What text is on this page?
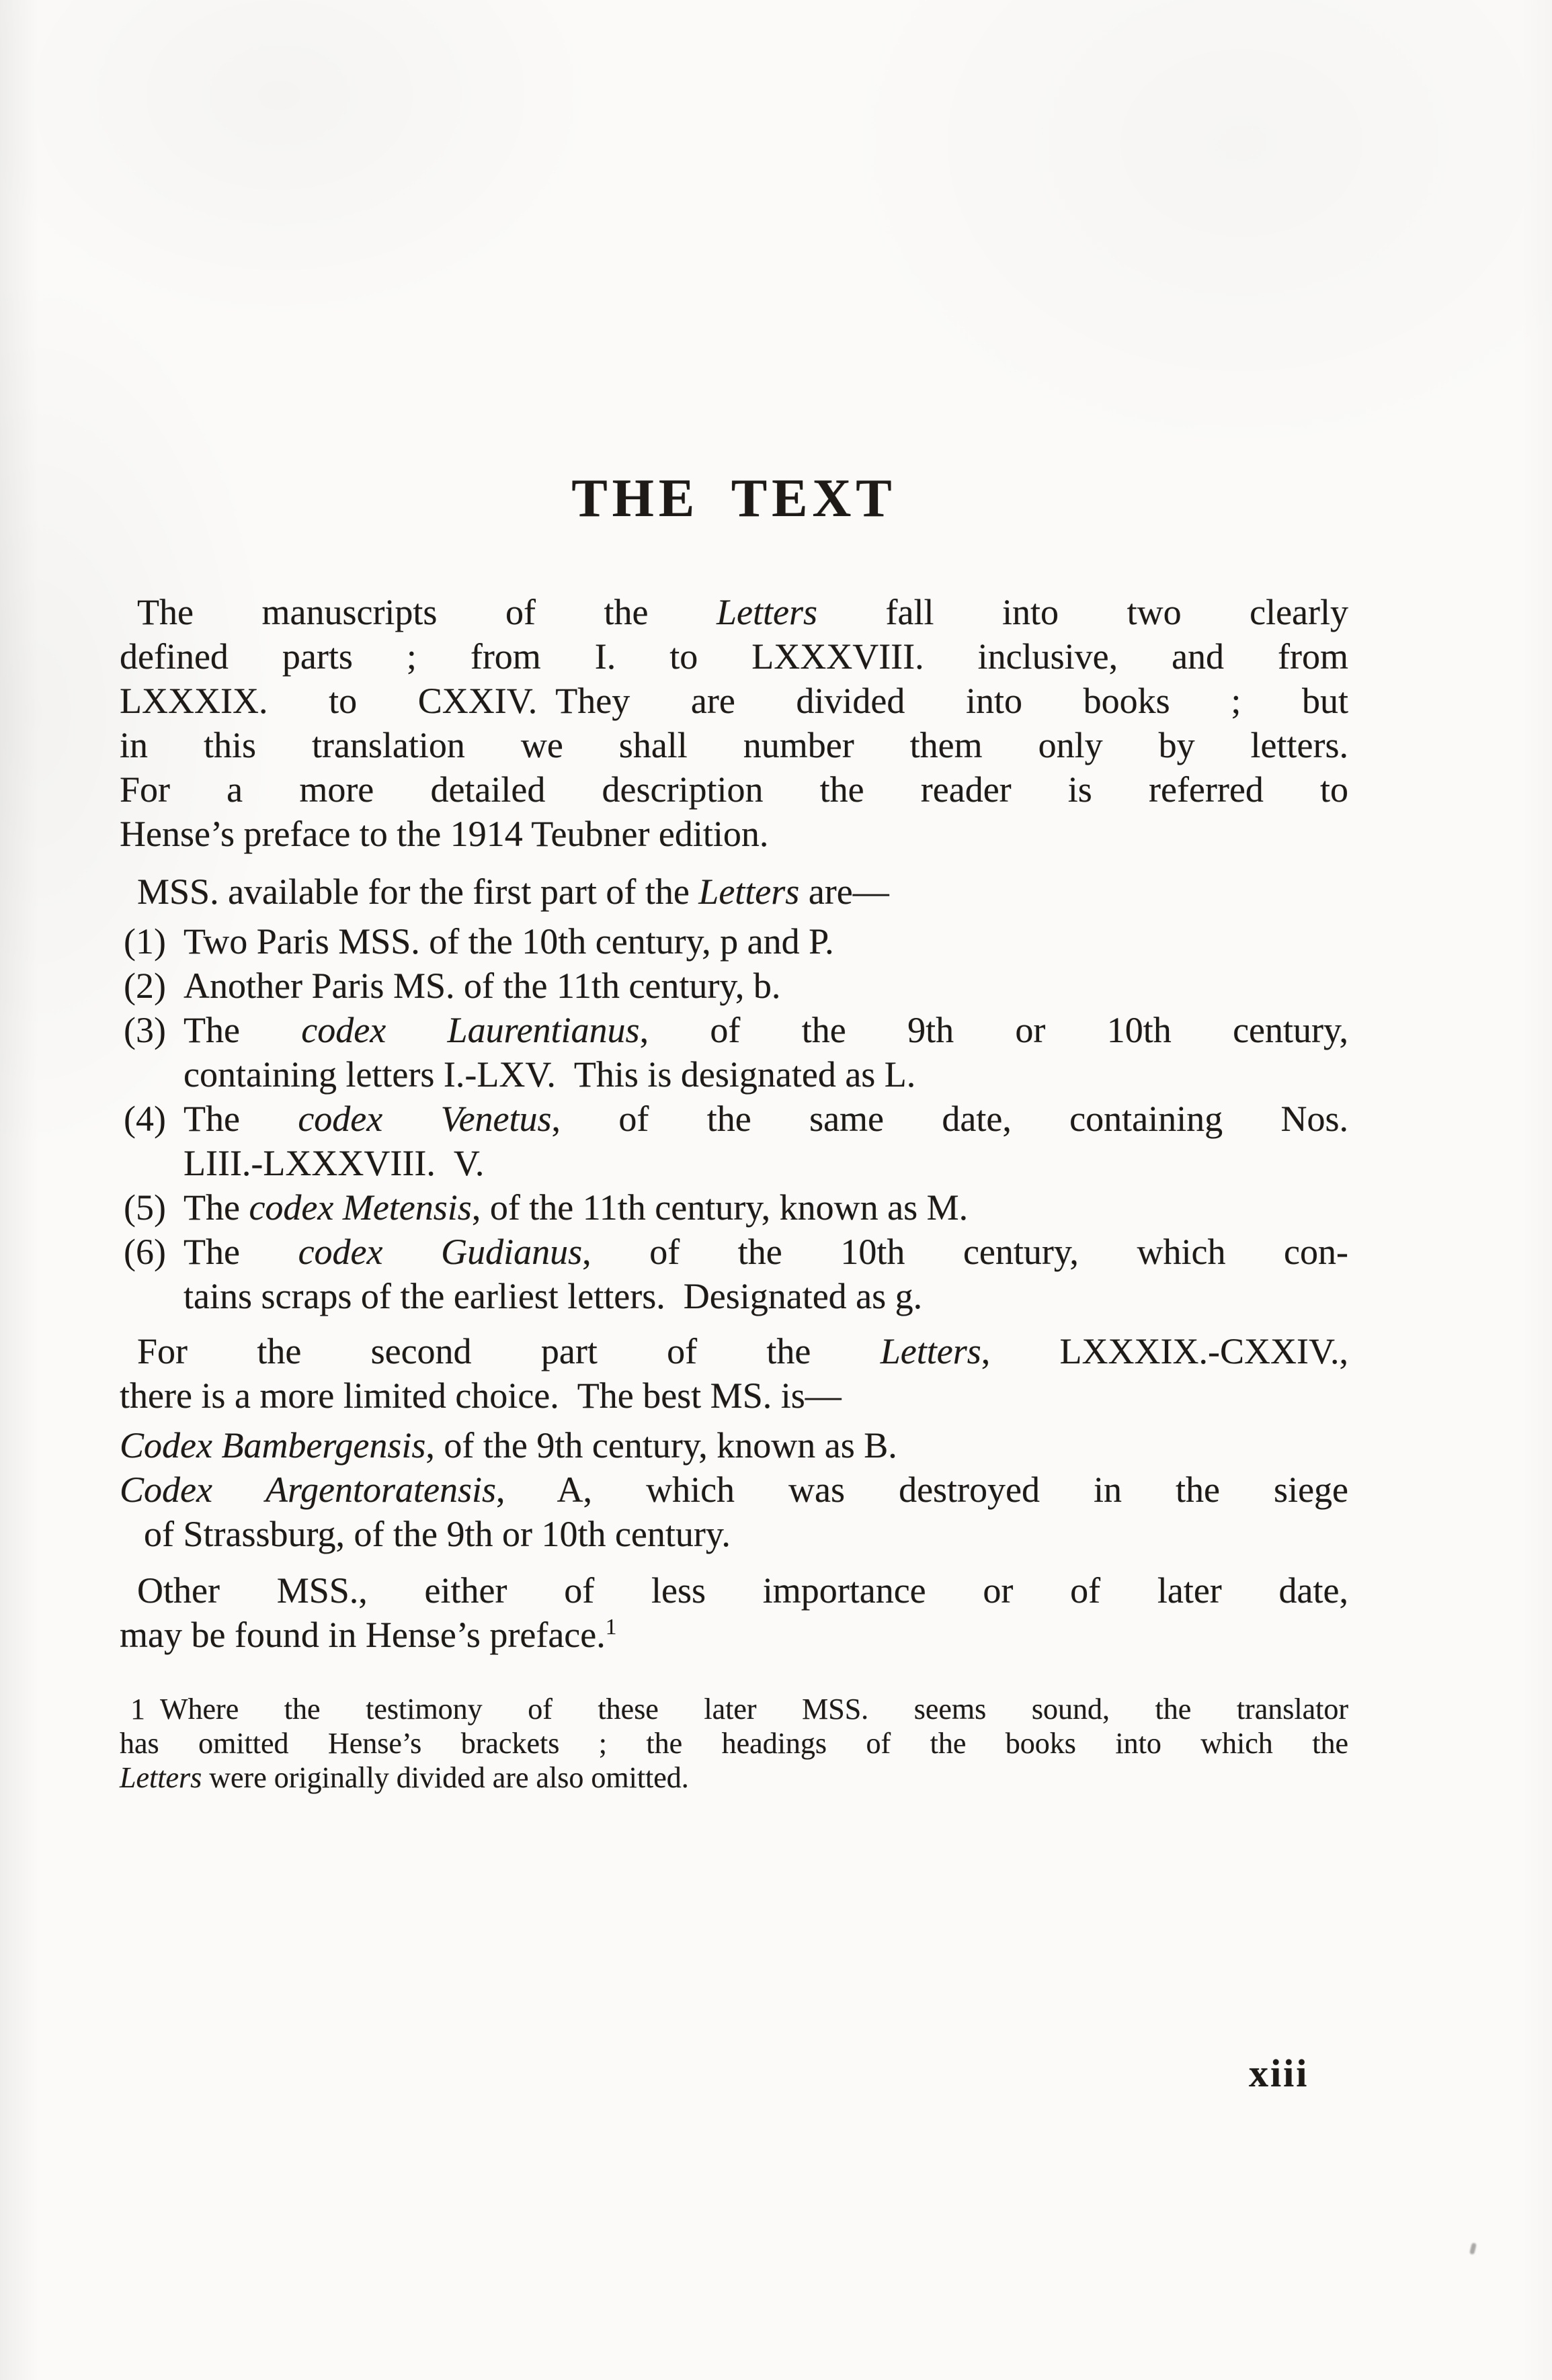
THE TEXT
The manuscripts of the Letters fall into two clearly
defined parts ; from I. to LXXXVIII. inclusive, and from
LXXXIX. to CXXIV. They are divided into books ; but
in this translation we shall number them only by letters.
For a more detailed description the reader is referred to
Hense’s preface to the 1914 Teubner edition.
MSS. available for the first part of the Letters are—
(1) Two Paris MSS. of the 10th century, p and P.
(2) Another Paris MS. of the 11th century, b.
(3) The codex Laurentianus, of the 9th or 10th century,
containing letters I.-LXV. This is designated as L.
(4) The codex Venetus, of the same date, containing Nos.
LIII.-LXXXVIII. V.
(5) The codex Metensis, of the 11th century, known as M.
(6) The codex Gudianus, of the 10th century, which con-
tains scraps of the earliest letters. Designated as g.
For the second part of the Letters, LXXXIX.-CXXIV.,
there is a more limited choice. The best MS. is—
Codex Bambergensis, of the 9th century, known as B.
Codex Argentoratensis, A, which was destroyed in the siege
of Strassburg, of the 9th or 10th century.
Other MSS., either of less importance or of later date,
may be found in Hense’s preface.$^1$
1 Where the testimony of these later MSS. seems sound, the translator
has omitted Hense’s brackets ; the headings of the books into which the
Letters were originally divided are also omitted.
xiii
